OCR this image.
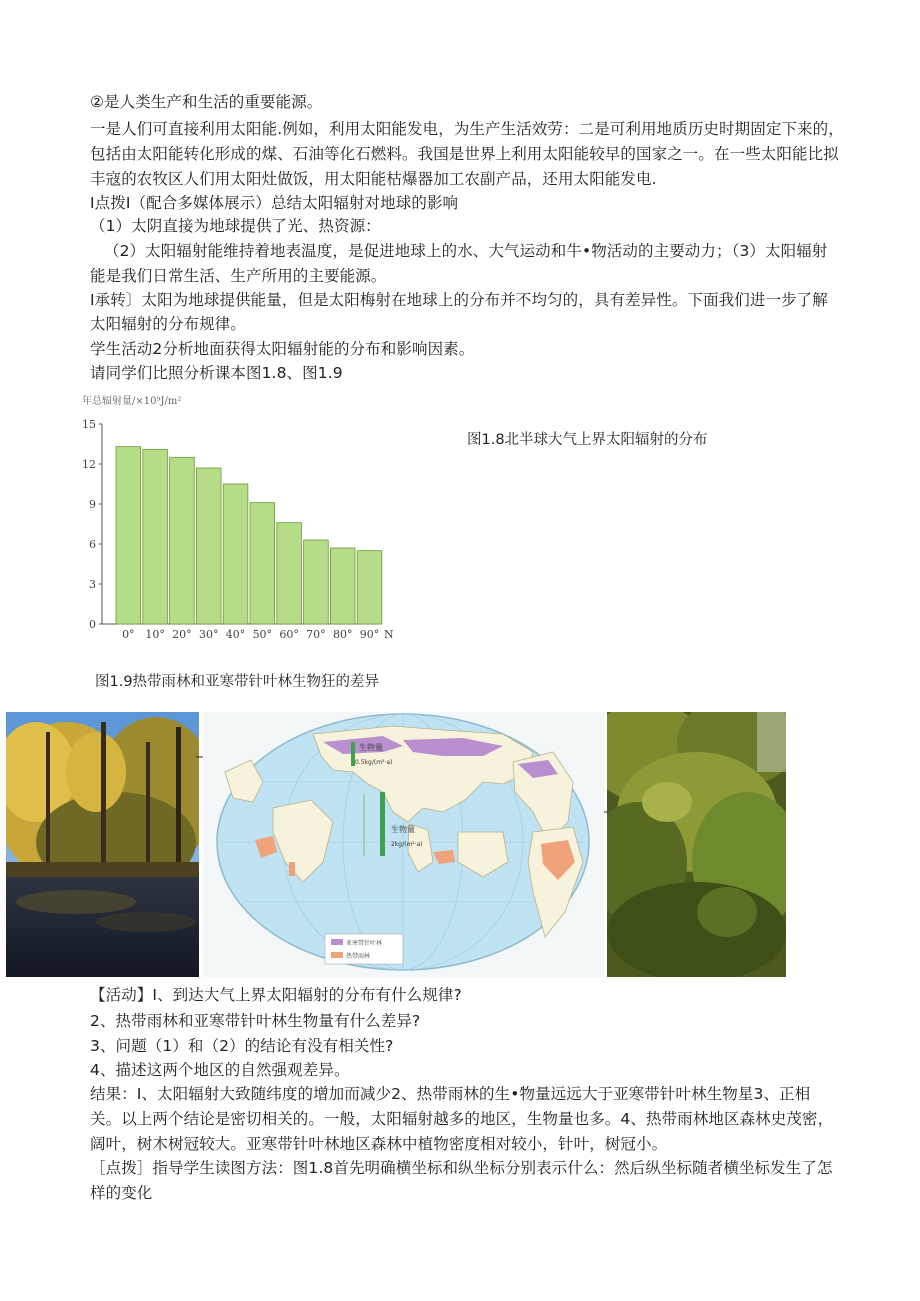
②是人类生产和生活的重要能源。
一是人们可直接利用太阳能.例如，利用太阳能发电，为生产生活效劳：二是可利用地质历史时期固定下来的，
包括由太阳能转化形成的煤、石油等化石燃料。我国是世界上利用太阳能较早的国家之一。在一些太阳能比拟
丰寇的农牧区人们用太阳灶做饭，用太阳能枯爆器加工农副产品，还用太阳能发电.
I点拨I（配合多媒体展示）总结太阳辐射对地球的影响
（1）太阴直接为地球提供了光、热资源：
（2）太阳辐射能维持着地表温度，是促进地球上的水、大气运动和牛•物活动的主要动力；（3）太阳辐射
能是我们日常生活、生产所用的主要能源。
I承转〕太阳为地球提供能量，但是太阳梅射在地球上的分布并不均匀的，具有差异性。下面我们进一步了解
太阳辐射的分布规律。
学生活动2分析地面获得太阳辐射能的分布和影响因素。
请同学们比照分析课本图1.8、图1.9
年总辐射量/×10⁹J/m²
0
3
6
9
12
15
0° 10° 20° 30° 40° 50° 60° 70° 80° 90° N
图1.8北半球大气上界太阳辐射的分布
图1.9热带雨林和亚寒带针叶林生物狂的差异
生物量
0.5kg/(m²·a)
生物量
2kg/(m²·a)
亚寒带针叶林
热带雨林
【活动】I、到达大气上界太阳辐射的分布有什么规律?
2、热带雨林和亚寒带针叶林生物量有什么差异?
3、问题（1）和（2）的结论有没有相关性?
4、描述这两个地区的自然强观差异。
结果：I、太阳辐射大致随纬度的增加而减少2、热带雨林的生•物量远远大于亚寒带针叶林生物星3、正相
关。以上两个结论是密切相关的。一般，太阳辐射越多的地区，生物量也多。4、热带雨林地区森林史茂密，
阔叶，树木树冠较大。亚寒带针叶林地区森林中植物密度相对较小，针叶，树冠小。
［点拨］指导学生读图方法：图1.8首先明确横坐标和纵坐标分别表示什么：然后纵坐标随者横坐标发生了怎
样的变化
